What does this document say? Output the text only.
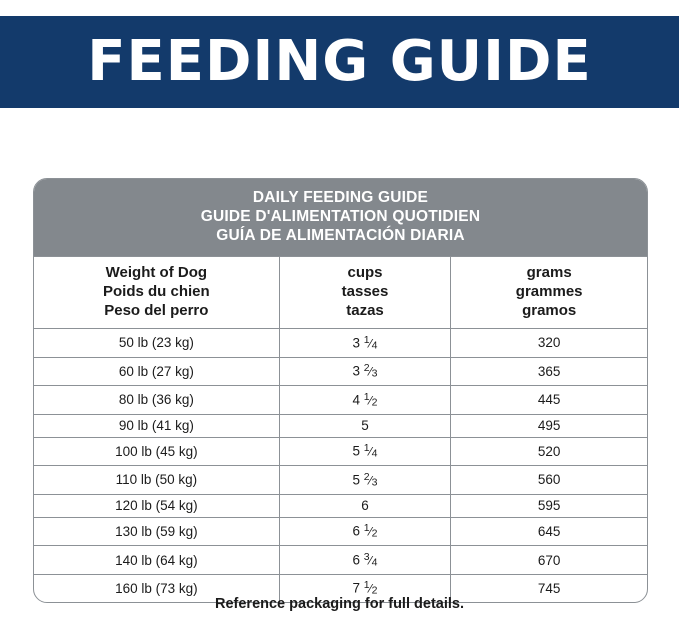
FEEDING GUIDE
DAILY FEEDING GUIDE
GUIDE D'ALIMENTATION QUOTIDIEN
GUÍA DE ALIMENTACIÓN DIARIA
Weight of Dog
Poids du chien
Peso del perro

cups
tasses
tazas

grams
grammes
gramos

50 lb (23 kg)	3 1⁄4	320
60 lb (27 kg)	3 2⁄3	365
80 lb (36 kg)	4 1⁄2	445
90 lb (41 kg)	5	495
100 lb (45 kg)	5 1⁄4	520
110 lb (50 kg)	5 2⁄3	560
120 lb (54 kg)	6	595
130 lb (59 kg)	6 1⁄2	645
140 lb (64 kg)	6 3⁄4	670
160 lb (73 kg)	7 1⁄2	745
Reference packaging for full details.
